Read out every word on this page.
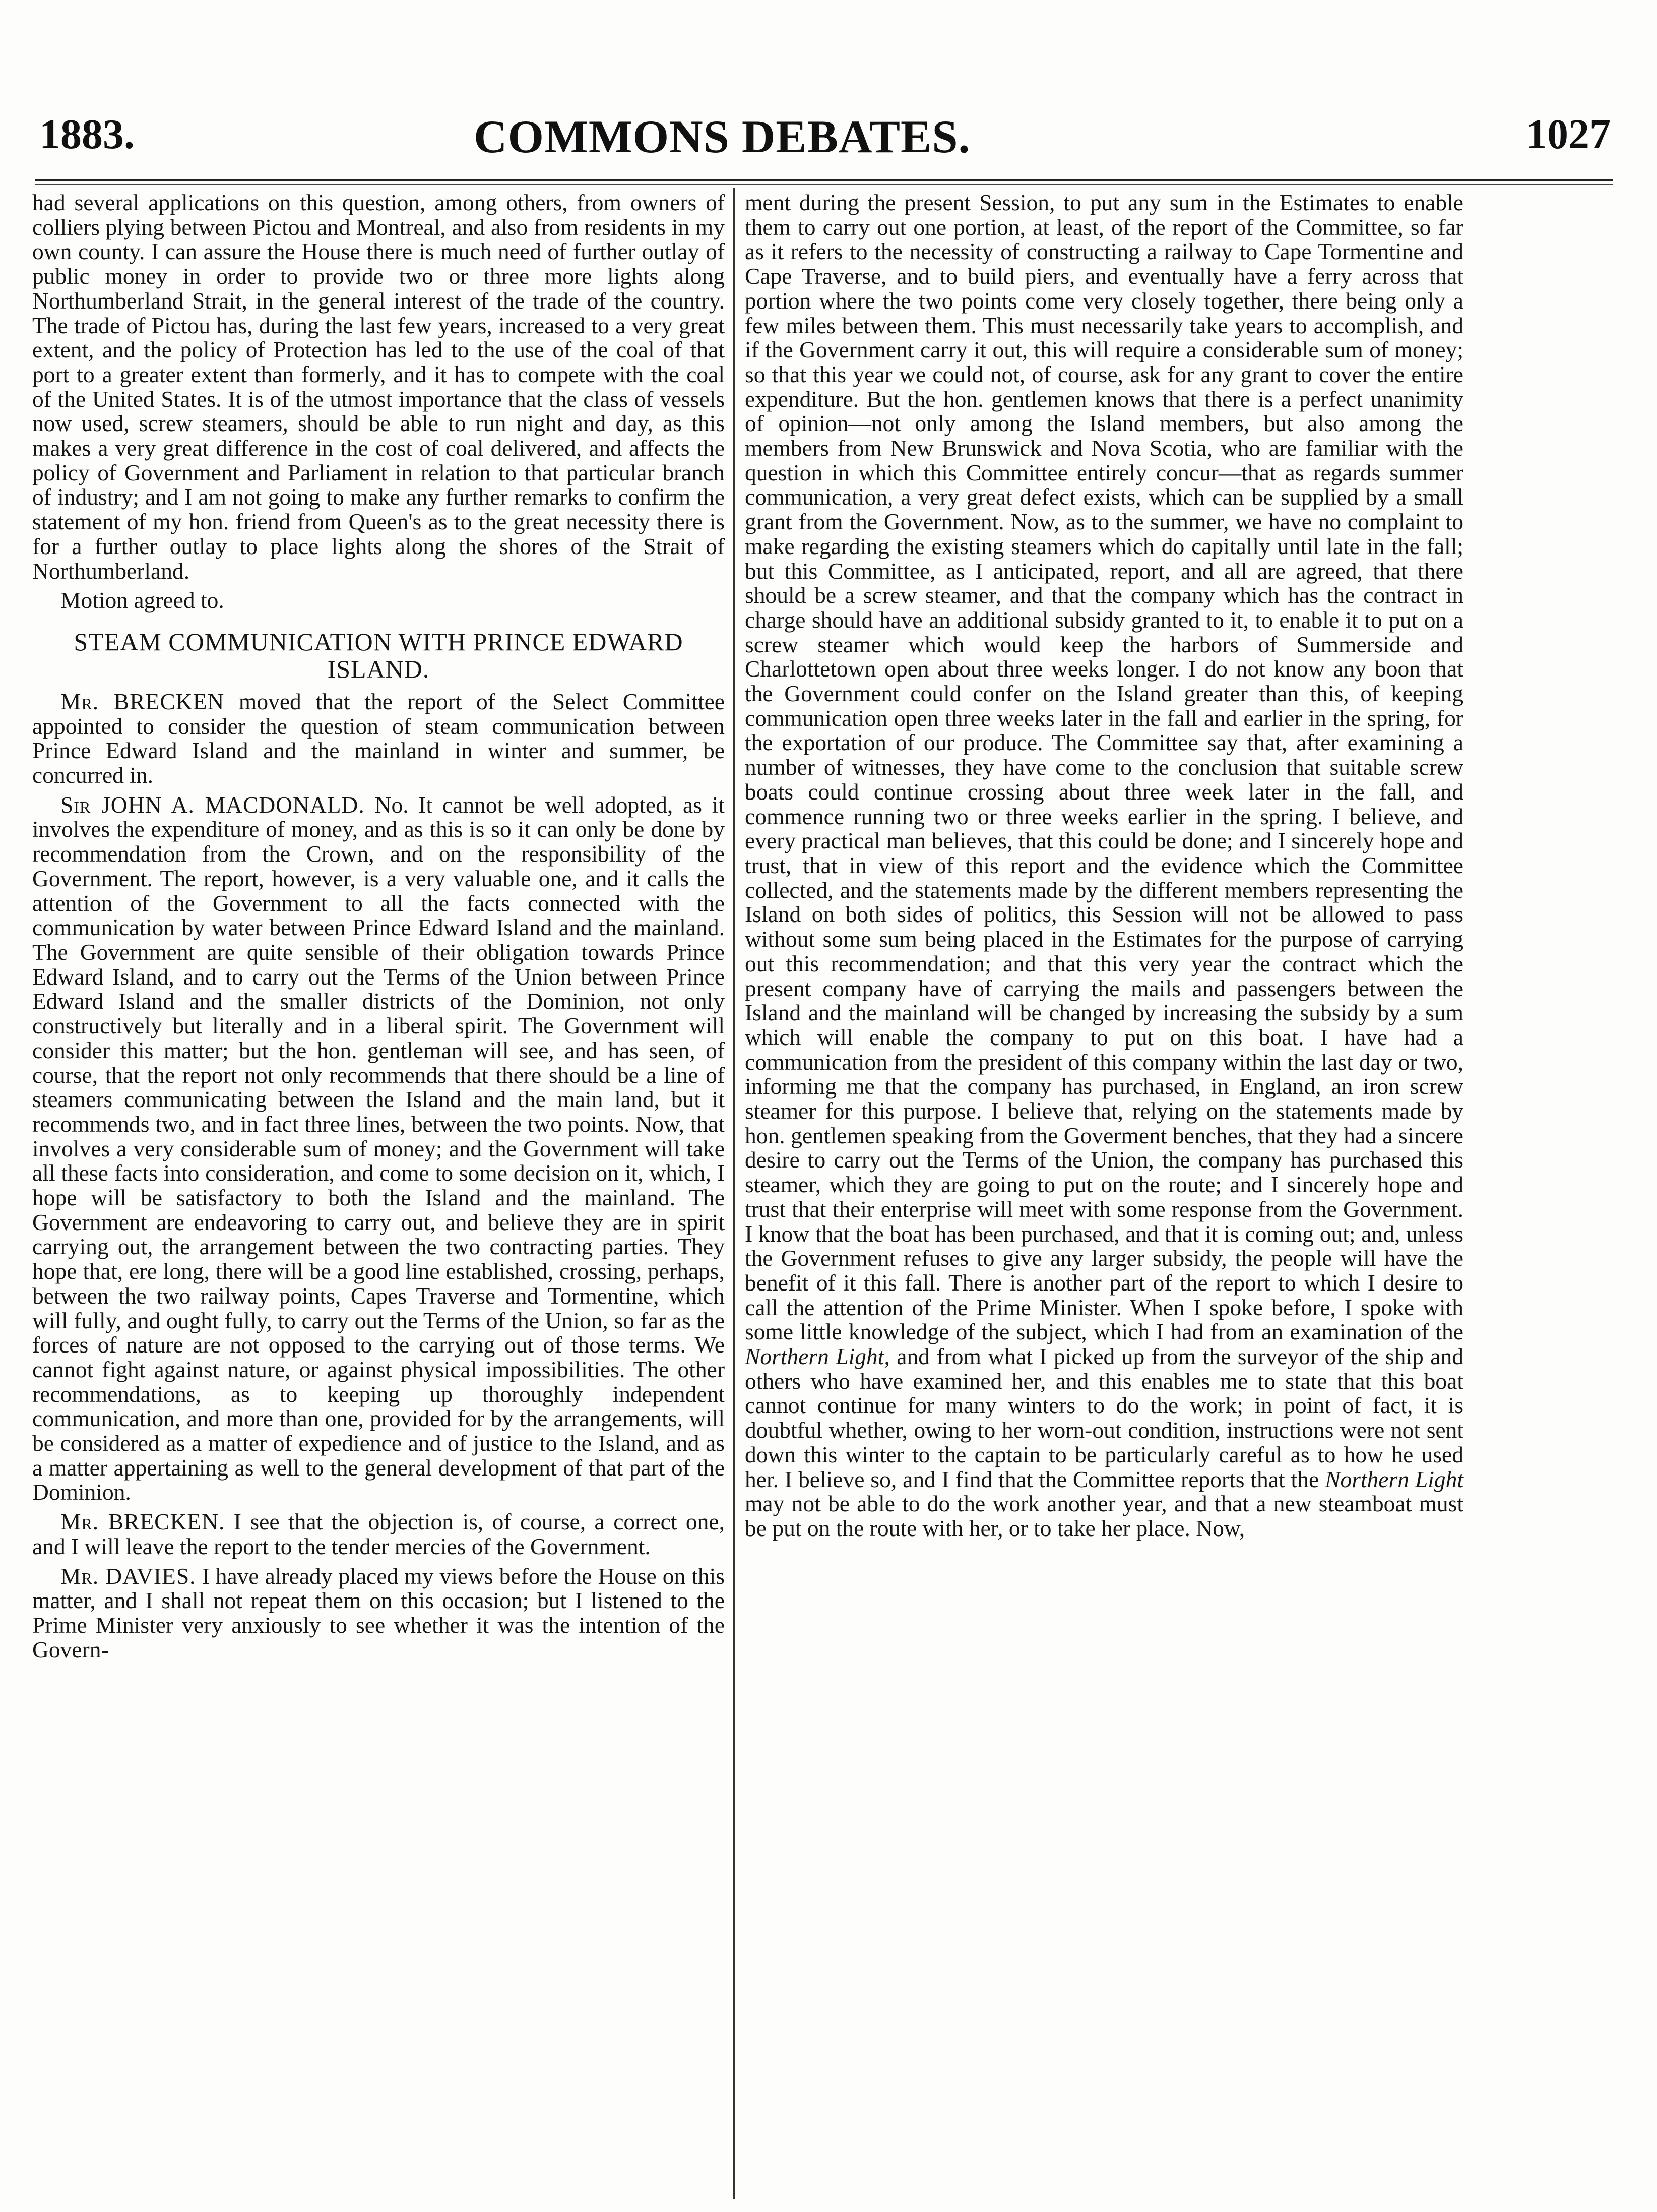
1883.	COMMONS DEBATES.	1027

had several applications on this question, among others, from owners of colliers plying between Pictou and Montreal, and also from residents in my own county. I can assure the House there is much need of further outlay of public money in order to provide two or three more lights along Northumberland Strait, in the general interest of the trade of the country. The trade of Pictou has, during the last few years, increased to a very great extent, and the policy of Protection has led to the use of the coal of that port to a greater extent than formerly, and it has to compete with the coal of the United States. It is of the utmost importance that the class of vessels now used, screw steamers, should be able to run night and day, as this makes a very great difference in the cost of coal delivered, and affects the policy of Government and Parliament in relation to that particular branch of industry; and I am not going to make any further remarks to confirm the statement of my hon. friend from Queen's as to the great necessity there is for a further outlay to place lights along the shores of the Strait of Northumberland.

Motion agreed to.

STEAM COMMUNICATION WITH PRINCE EDWARD
ISLAND.

Mr. BRECKEN moved that the report of the Select Committee appointed to consider the question of steam communication between Prince Edward Island and the mainland in winter and summer, be concurred in.

Sir JOHN A. MACDONALD. No. It cannot be well adopted, as it involves the expenditure of money, and as this is so it can only be done by recommendation from the Crown, and on the responsibility of the Government. The report, however, is a very valuable one, and it calls the attention of the Government to all the facts connected with the communication by water between Prince Edward Island and the mainland. The Government are quite sensible of their obligation towards Prince Edward Island, and to carry out the Terms of the Union between Prince Edward Island and the smaller districts of the Dominion, not only constructively but literally and in a liberal spirit. The Government will consider this matter; but the hon. gentleman will see, and has seen, of course, that the report not only recommends that there should be a line of steamers communicating between the Island and the main land, but it recommends two, and in fact three lines, between the two points. Now, that involves a very considerable sum of money; and the Government will take all these facts into consideration, and come to some decision on it, which, I hope will be satisfactory to both the Island and the mainland. The Government are endeavoring to carry out, and believe they are in spirit carrying out, the arrangement between the two contracting parties. They hope that, ere long, there will be a good line established, crossing, perhaps, between the two railway points, Capes Traverse and Tormentine, which will fully, and ought fully, to carry out the Terms of the Union, so far as the forces of nature are not opposed to the carrying out of those terms. We cannot fight against nature, or against physical impossibilities. The other recommendations, as to keeping up thoroughly independent communication, and more than one, provided for by the arrangements, will be considered as a matter of expedience and of justice to the Island, and as a matter appertaining as well to the general development of that part of the Dominion.

Mr. BRECKEN. I see that the objection is, of course, a correct one, and I will leave the report to the tender mercies of the Government.

Mr. DAVIES. I have already placed my views before the House on this matter, and I shall not repeat them on this occasion; but I listened to the Prime Minister very anxiously to see whether it was the intention of the Govern-

ment during the present Session, to put any sum in the Estimates to enable them to carry out one portion, at least, of the report of the Committee, so far as it refers to the necessity of constructing a railway to Cape Tormentine and Cape Traverse, and to build piers, and eventually have a ferry across that portion where the two points come very closely together, there being only a few miles between them. This must necessarily take years to accomplish, and if the Government carry it out, this will require a considerable sum of money; so that this year we could not, of course, ask for any grant to cover the entire expenditure. But the hon. gentlemen knows that there is a perfect unanimity of opinion—not only among the Island members, but also among the members from New Brunswick and Nova Scotia, who are familiar with the question in which this Committee entirely concur—that as regards summer communication, a very great defect exists, which can be supplied by a small grant from the Government. Now, as to the summer, we have no complaint to make regarding the existing steamers which do capitally until late in the fall; but this Committee, as I anticipated, report, and all are agreed, that there should be a screw steamer, and that the company which has the contract in charge should have an additional subsidy granted to it, to enable it to put on a screw steamer which would keep the harbors of Summerside and Charlottetown open about three weeks longer. I do not know any boon that the Government could confer on the Island greater than this, of keeping communication open three weeks later in the fall and earlier in the spring, for the exportation of our produce. The Committee say that, after examining a number of witnesses, they have come to the conclusion that suitable screw boats could continue crossing about three week later in the fall, and commence running two or three weeks earlier in the spring. I believe, and every practical man believes, that this could be done; and I sincerely hope and trust, that in view of this report and the evidence which the Committee collected, and the statements made by the different members representing the Island on both sides of politics, this Session will not be allowed to pass without some sum being placed in the Estimates for the purpose of carrying out this recommendation; and that this very year the contract which the present company have of carrying the mails and passengers between the Island and the mainland will be changed by increasing the subsidy by a sum which will enable the company to put on this boat. I have had a communication from the president of this company within the last day or two, informing me that the company has purchased, in England, an iron screw steamer for this purpose. I believe that, relying on the statements made by hon. gentlemen speaking from the Goverment benches, that they had a sincere desire to carry out the Terms of the Union, the company has purchased this steamer, which they are going to put on the route; and I sincerely hope and trust that their enterprise will meet with some response from the Government. I know that the boat has been purchased, and that it is coming out; and, unless the Government refuses to give any larger subsidy, the people will have the benefit of it this fall. There is another part of the report to which I desire to call the attention of the Prime Minister. When I spoke before, I spoke with some little knowledge of the subject, which I had from an examination of the Northern Light, and from what I picked up from the surveyor of the ship and others who have examined her, and this enables me to state that this boat cannot continue for many winters to do the work; in point of fact, it is doubtful whether, owing to her worn-out condition, instructions were not sent down this winter to the captain to be particularly careful as to how he used her. I believe so, and I find that the Committee reports that the Northern Light may not be able to do the work another year, and that a new steamboat must be put on the route with her, or to take her place. Now,
